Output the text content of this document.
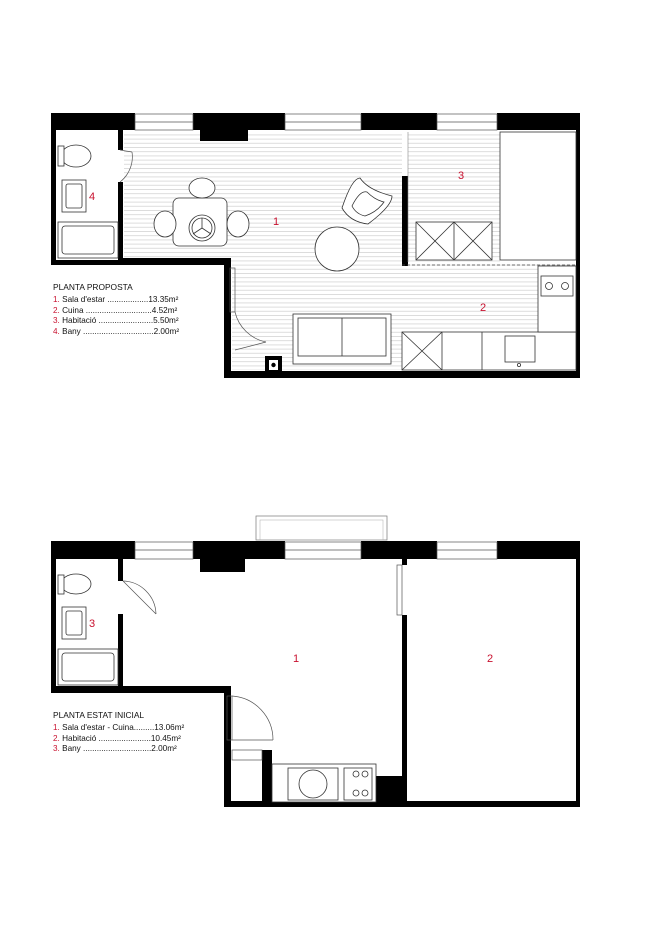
1
2
3
4
1	2
3
PLANTA PROPOSTA
1. Sala d'estar ..................13.35m²
2. Cuina .............................4.52m²
3. Habitació ........................5.50m²
4. Bany ...............................2.00m²
PLANTA ESTAT INICIAL
1. Sala d'estar - Cuina.........13.06m²
2. Habitació .......................10.45m²
3. Bany ..............................2.00m²
